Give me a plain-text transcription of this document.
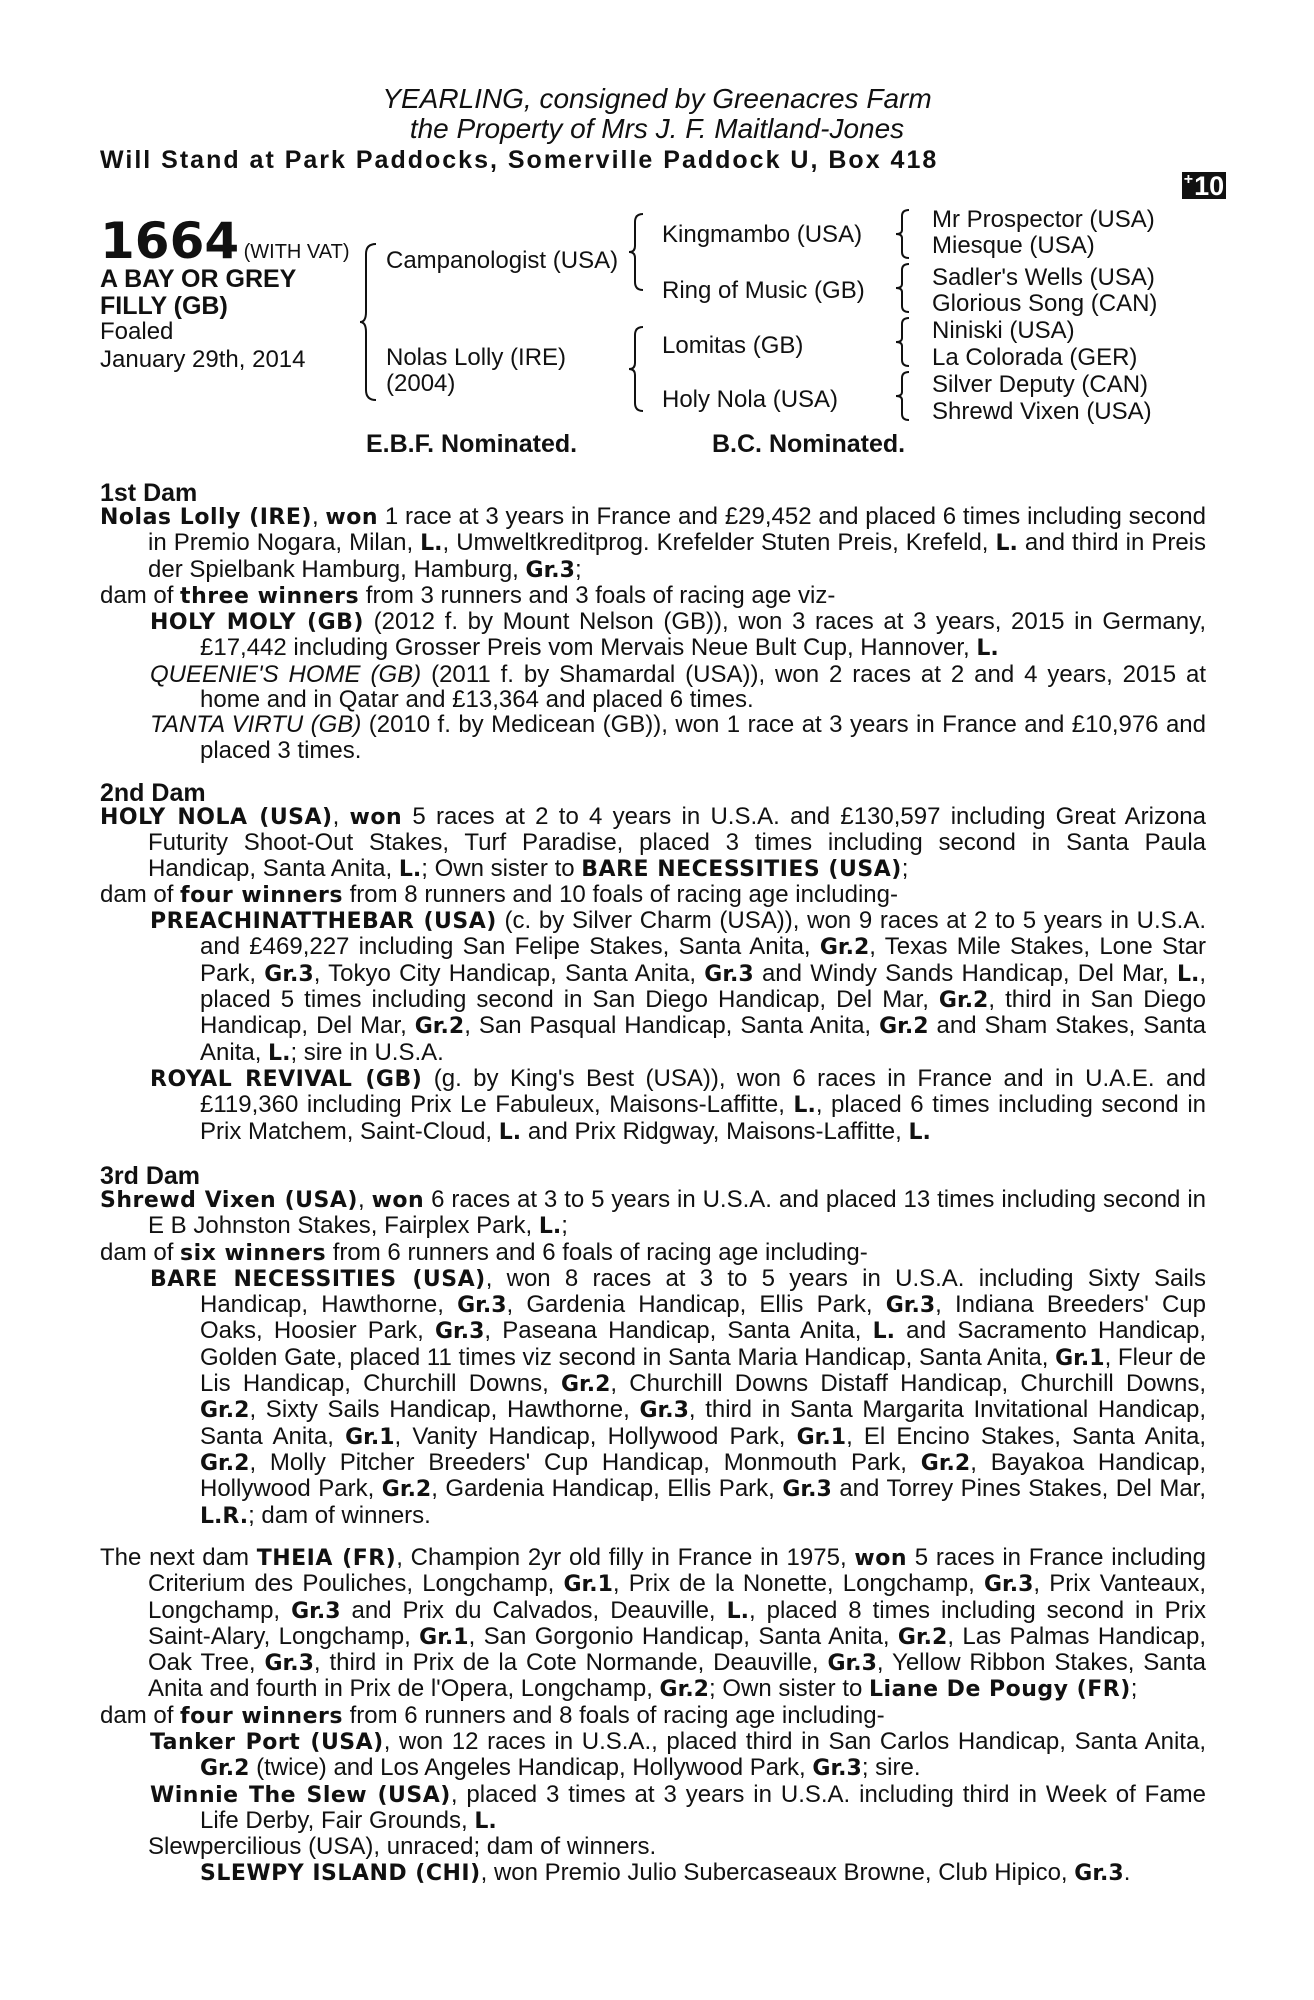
YEARLING, consigned by Greenacres Farm
the Property of Mrs J. F. Maitland-Jones
Will Stand at Park Paddocks, Somerville Paddock U, Box 418
+10
1664 (WITH VAT)
A BAY OR GREY
FILLY (GB)
Foaled
January 29th, 2014
Campanologist (USA)
Nolas Lolly (IRE)
(2004)
Kingmambo (USA)
Ring of Music (GB)
Lomitas (GB)
Holy Nola (USA)
Mr Prospector (USA)
Miesque (USA)
Sadler's Wells (USA)
Glorious Song (CAN)
Niniski (USA)
La Colorada (GER)
Silver Deputy (CAN)
Shrewd Vixen (USA)
E.B.F. Nominated.	B.C. Nominated.
1st Dam

Nolas Lolly (IRE), won 1 race at 3 years in France and £29,452 and placed 6 times including second in Premio Nogara, Milan, L., Umweltkreditprog. Krefelder Stuten Preis, Krefeld, L. and third in Preis der Spielbank Hamburg, Hamburg, Gr.3;

dam of three winners from 3 runners and 3 foals of racing age viz-

HOLY MOLY (GB) (2012 f. by Mount Nelson (GB)), won 3 races at 3 years, 2015 in Germany, £17,442 including Grosser Preis vom Mervais Neue Bult Cup, Hannover, L.

QUEENIE'S HOME (GB) (2011 f. by Shamardal (USA)), won 2 races at 2 and 4 years, 2015 at home and in Qatar and £13,364 and placed 6 times.

TANTA VIRTU (GB) (2010 f. by Medicean (GB)), won 1 race at 3 years in France and £10,976 and placed 3 times.

2nd Dam

HOLY NOLA (USA), won 5 races at 2 to 4 years in U.S.A. and £130,597 including Great Arizona Futurity Shoot-Out Stakes, Turf Paradise, placed 3 times including second in Santa Paula Handicap, Santa Anita, L.; Own sister to BARE NECESSITIES (USA);

dam of four winners from 8 runners and 10 foals of racing age including-

PREACHINATTHEBAR (USA) (c. by Silver Charm (USA)), won 9 races at 2 to 5 years in U.S.A. and £469,227 including San Felipe Stakes, Santa Anita, Gr.2, Texas Mile Stakes, Lone Star Park, Gr.3, Tokyo City Handicap, Santa Anita, Gr.3 and Windy Sands Handicap, Del Mar, L., placed 5 times including second in San Diego Handicap, Del Mar, Gr.2, third in San Diego Handicap, Del Mar, Gr.2, San Pasqual Handicap, Santa Anita, Gr.2 and Sham Stakes, Santa Anita, L.; sire in U.S.A.

ROYAL REVIVAL (GB) (g. by King's Best (USA)), won 6 races in France and in U.A.E. and £119,360 including Prix Le Fabuleux, Maisons-Laffitte, L., placed 6 times including second in Prix Matchem, Saint-Cloud, L. and Prix Ridgway, Maisons-Laffitte, L.

3rd Dam

Shrewd Vixen (USA), won 6 races at 3 to 5 years in U.S.A. and placed 13 times including second in E B Johnston Stakes, Fairplex Park, L.;

dam of six winners from 6 runners and 6 foals of racing age including-

BARE NECESSITIES (USA), won 8 races at 3 to 5 years in U.S.A. including Sixty Sails Handicap, Hawthorne, Gr.3, Gardenia Handicap, Ellis Park, Gr.3, Indiana Breeders' Cup Oaks, Hoosier Park, Gr.3, Paseana Handicap, Santa Anita, L. and Sacramento Handicap, Golden Gate, placed 11 times viz second in Santa Maria Handicap, Santa Anita, Gr.1, Fleur de Lis Handicap, Churchill Downs, Gr.2, Churchill Downs Distaff Handicap, Churchill Downs, Gr.2, Sixty Sails Handicap, Hawthorne, Gr.3, third in Santa Margarita Invitational Handicap, Santa Anita, Gr.1, Vanity Handicap, Hollywood Park, Gr.1, El Encino Stakes, Santa Anita, Gr.2, Molly Pitcher Breeders' Cup Handicap, Monmouth Park, Gr.2, Bayakoa Handicap, Hollywood Park, Gr.2, Gardenia Handicap, Ellis Park, Gr.3 and Torrey Pines Stakes, Del Mar, L.R.; dam of winners.

The next dam THEIA (FR), Champion 2yr old filly in France in 1975, won 5 races in France including Criterium des Pouliches, Longchamp, Gr.1, Prix de la Nonette, Longchamp, Gr.3, Prix Vanteaux, Longchamp, Gr.3 and Prix du Calvados, Deauville, L., placed 8 times including second in Prix Saint-Alary, Longchamp, Gr.1, San Gorgonio Handicap, Santa Anita, Gr.2, Las Palmas Handicap, Oak Tree, Gr.3, third in Prix de la Cote Normande, Deauville, Gr.3, Yellow Ribbon Stakes, Santa Anita and fourth in Prix de l'Opera, Longchamp, Gr.2; Own sister to Liane De Pougy (FR);

dam of four winners from 6 runners and 8 foals of racing age including-

Tanker Port (USA), won 12 races in U.S.A., placed third in San Carlos Handicap, Santa Anita, Gr.2 (twice) and Los Angeles Handicap, Hollywood Park, Gr.3; sire.

Winnie The Slew (USA), placed 3 times at 3 years in U.S.A. including third in Week of Fame Life Derby, Fair Grounds, L.

Slewpercilious (USA), unraced; dam of winners.

SLEWPY ISLAND (CHI), won Premio Julio Subercaseaux Browne, Club Hipico, Gr.3.
